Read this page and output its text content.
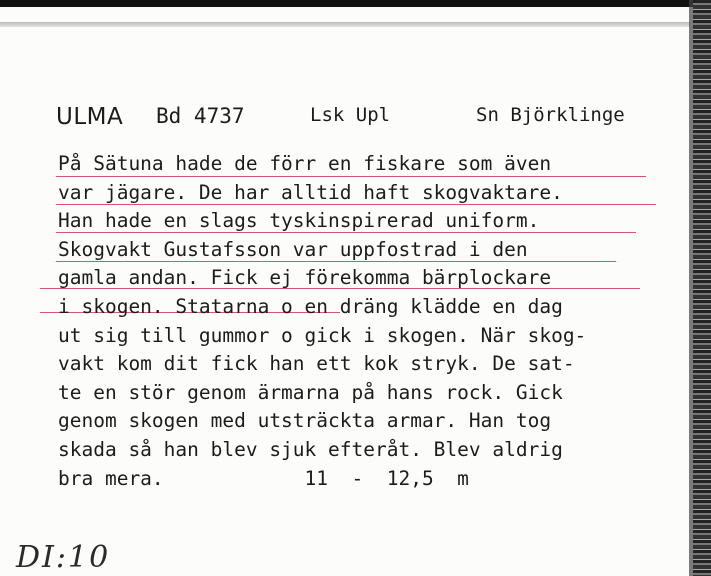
ULMA Bd 4737	Lsk Upl	Sn Björklinge
På Sätuna hade de förr en fiskare som även
var jägare. De har alltid haft skogvaktare.
Han hade en slags tyskinspirerad uniform.
Skogvakt Gustafsson var uppfostrad i den
gamla andan. Fick ej förekomma bärplockare
i skogen. Statarna o en dräng klädde en dag
ut sig till gummor o gick i skogen. När skog-
vakt kom dit fick han ett kok stryk. De sat-
te en stör genom ärmarna på hans rock. Gick
genom skogen med utsträckta armar. Han tog
skada så han blev sjuk efteråt. Blev aldrig
bra mera.            11  -  12,5  m
DI:10
